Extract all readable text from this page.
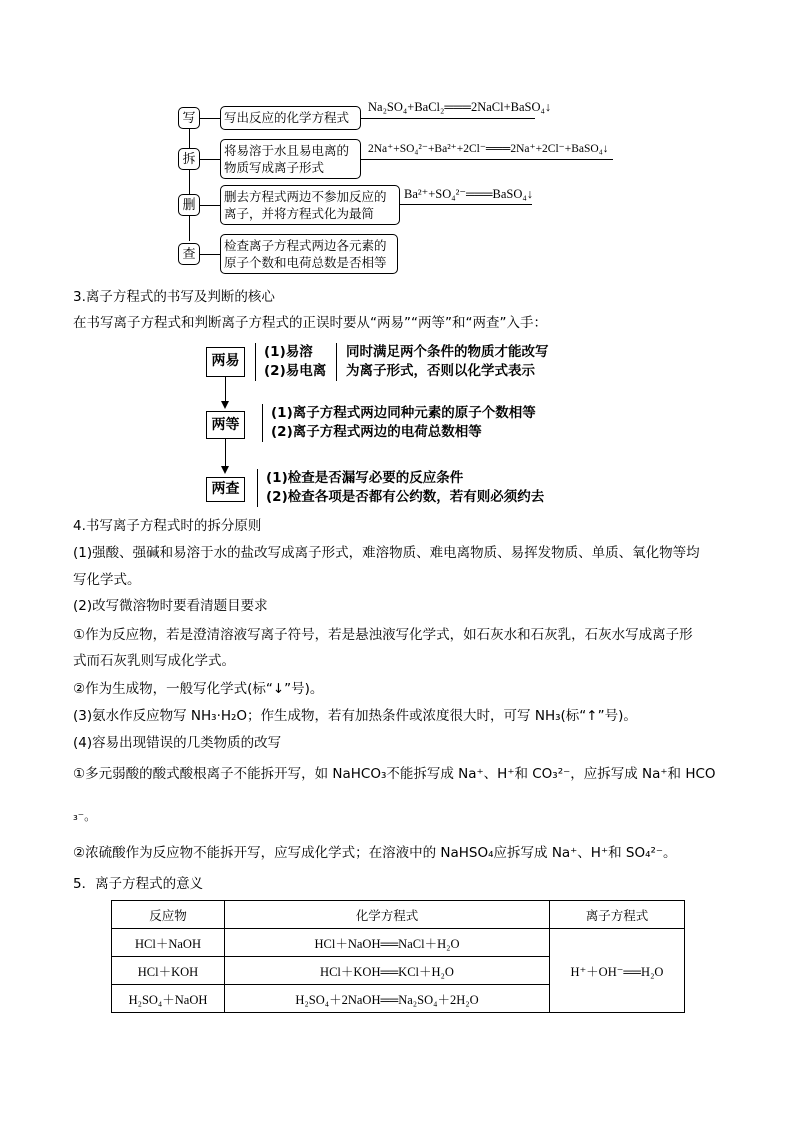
写	写出反应的化学方程式
Na₂SO₄+BaCl₂═══2NaCl+BaSO₄↓
拆
将易溶于水且易电离的物质写成离子形式
2Na⁺+SO₄²⁻+Ba²⁺+2Cl⁻═══2Na⁺+2Cl⁻+BaSO₄↓
删
删去方程式两边不参加反应的离子，并将方程式化为最简
Ba²⁺+SO₄²⁻═══BaSO₄↓
查
检查离子方程式两边各元素的原子个数和电荷总数是否相等
3.离子方程式的书写及判断的核心
在书写离子方程式和判断离子方程式的正误时要从“两易”“两等”和“两查”入手：
两易
(1)易溶
(2)易电离
同时满足两个条件的物质才能改写
为离子形式，否则以化学式表示
两等
(1)离子方程式两边同种元素的原子个数相等
(2)离子方程式两边的电荷总数相等
两查
(1)检查是否漏写必要的反应条件
(2)检查各项是否都有公约数，若有则必须约去
4.书写离子方程式时的拆分原则
(1)强酸、强碱和易溶于水的盐改写成离子形式，难溶物质、难电离物质、易挥发物质、单质、氧化物等均
写化学式。
(2)改写微溶物时要看清题目要求
①作为反应物，若是澄清溶液写离子符号，若是悬浊液写化学式，如石灰水和石灰乳，石灰水写成离子形
式而石灰乳则写成化学式。
②作为生成物，一般写化学式(标“↓”号)。
(3)氨水作反应物写 NH₃·H₂O；作生成物，若有加热条件或浓度很大时，可写 NH₃(标“↑”号)。
(4)容易出现错误的几类物质的改写
①多元弱酸的酸式酸根离子不能拆开写，如 NaHCO₃不能拆写成 Na⁺、H⁺和 CO₃²⁻，应拆写成 Na⁺和 HCO
₃⁻。
②浓硫酸作为反应物不能拆开写，应写成化学式；在溶液中的 NaHSO₄应拆写成 Na⁺、H⁺和 SO₄²⁻。
5．离子方程式的意义
反应物	化学方程式	离子方程式
HCl＋NaOH	HCl＋NaOH══NaCl＋H₂O	H⁺＋OH⁻══H₂O
HCl＋KOH	HCl＋KOH══KCl＋H₂O	
H₂SO₄＋NaOH	H₂SO₄＋2NaOH══Na₂SO₄＋2H₂O	
